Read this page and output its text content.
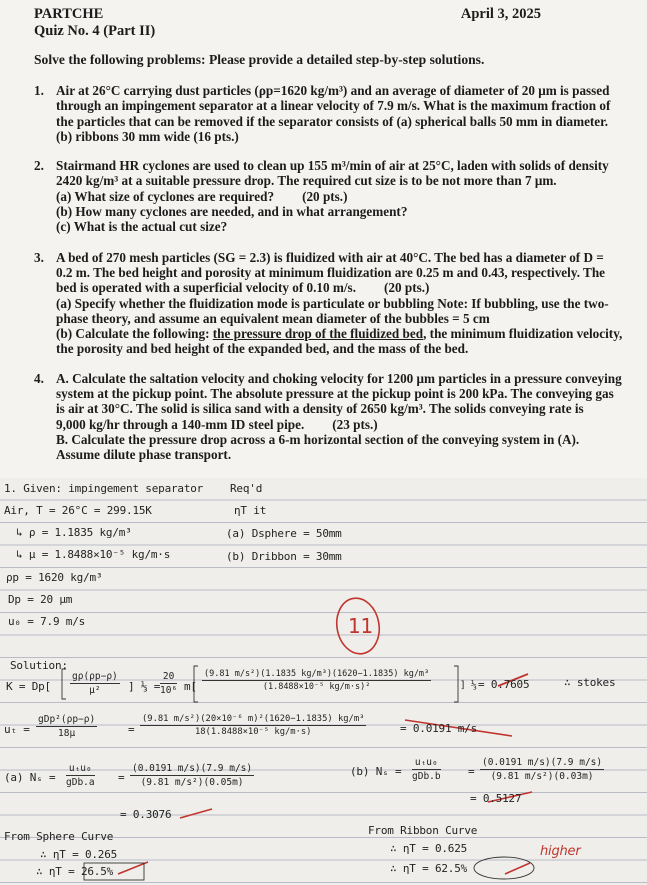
PARTCHE	April 3, 2025
Quiz No. 4 (Part II)
Solve the following problems: Please provide a detailed step-by-step solutions.
1. Air at 26°C carrying dust particles (ρp=1620 kg/m³) and an average of diameter of 20 μm is passed
through an impingement separator at a linear velocity of 7.9 m/s. What is the maximum fraction of
the particles that can be removed if the separator consists of (a) spherical balls 50 mm in diameter.
(b) ribbons 30 mm wide (16 pts.)
2. Stairmand HR cyclones are used to clean up 155 m³/min of air at 25°C, laden with solids of density
2420 kg/m³ at a suitable pressure drop. The required cut size is to be not more than 7 μm.
(a) What size of cyclones are required? (20 pts.)
(b) How many cyclones are needed, and in what arrangement?
(c) What is the actual cut size?
3. A bed of 270 mesh particles (SG = 2.3) is fluidized with air at 40°C. The bed has a diameter of D =
0.2 m. The bed height and porosity at minimum fluidization are 0.25 m and 0.43, respectively. The
bed is operated with a superficial velocity of 0.10 m/s. (20 pts.)
(a) Specify whether the fluidization mode is particulate or bubbling Note: If bubbling, use the two-
phase theory, and assume an equivalent mean diameter of the bubbles = 5 cm
(b) Calculate the following: the pressure drop of the fluidized bed, the minimum fluidization velocity,
the porosity and bed height of the expanded bed, and the mass of the bed.
4. A. Calculate the saltation velocity and choking velocity for 1200 μm particles in a pressure conveying
system at the pickup point. The absolute pressure at the pickup point is 200 kPa. The conveying gas
is air at 30°C. The solid is silica sand with a density of 2650 kg/m³. The solids conveying rate is
9,000 kg/hr through a 140-mm ID steel pipe. (23 pts.)
B. Calculate the pressure drop across a 6-m horizontal section of the conveying system in (A).
Assume dilute phase transport.
1. Given: impingement separator Req'd
Air, T = 26°C = 299.15K	ηT it
↳ ρ = 1.1835 kg/m³	(a) Dsphere = 50mm
↳ μ = 1.8488×10⁻⁵ kg/m·s	(b) Dribbon = 30mm
ρp = 1620 kg/m³
Dp = 20 μm
u₀ = 7.9 m/s	11
Solution:
$K = Dp[ \frac{g\rho(\rho p-\rho)}{\text{μ²}}$ ] ⅓ = $\frac{20}{\text{10⁶}} m[ \frac{\text{(9.81 m/s²)(1.1835 kg/m³)(1620−1.1835) kg/m³}}{\text{(1.8488×10⁻⁵ kg/m·s)²}}$	] ⅓ = 0.7605	∴ stokes
uₜ =
gDp²(ρp−ρ)
18μ	= $\frac{\text{(9.81 m/s²)(20×10⁻⁶ m)²(1620−1.1835) kg/m³}}{\text{18(1.8488×10⁻⁵ kg/m·s)}}$	= 0.0191 m/s
(a) Nₛ =
uₜu₀
$gDb.a = \frac{(0.0191 m/s)(7.9 m/s)}{\text{(9.81 m/s²)(0.05m)}}$
= 0.3076
(b) Nₛ =
uₜu₀
$gDb.b = \frac{(0.0191 m/s)(7.9 m/s)}{\text{(9.81 m/s²)(0.03m)}}$
= 0.5127
From Sphere Curve
∴ ηT = 0.265
∴ ηT = 26.5%
From Ribbon Curve
∴ ηT = 0.625
∴ ηT = 62.5%
higher
